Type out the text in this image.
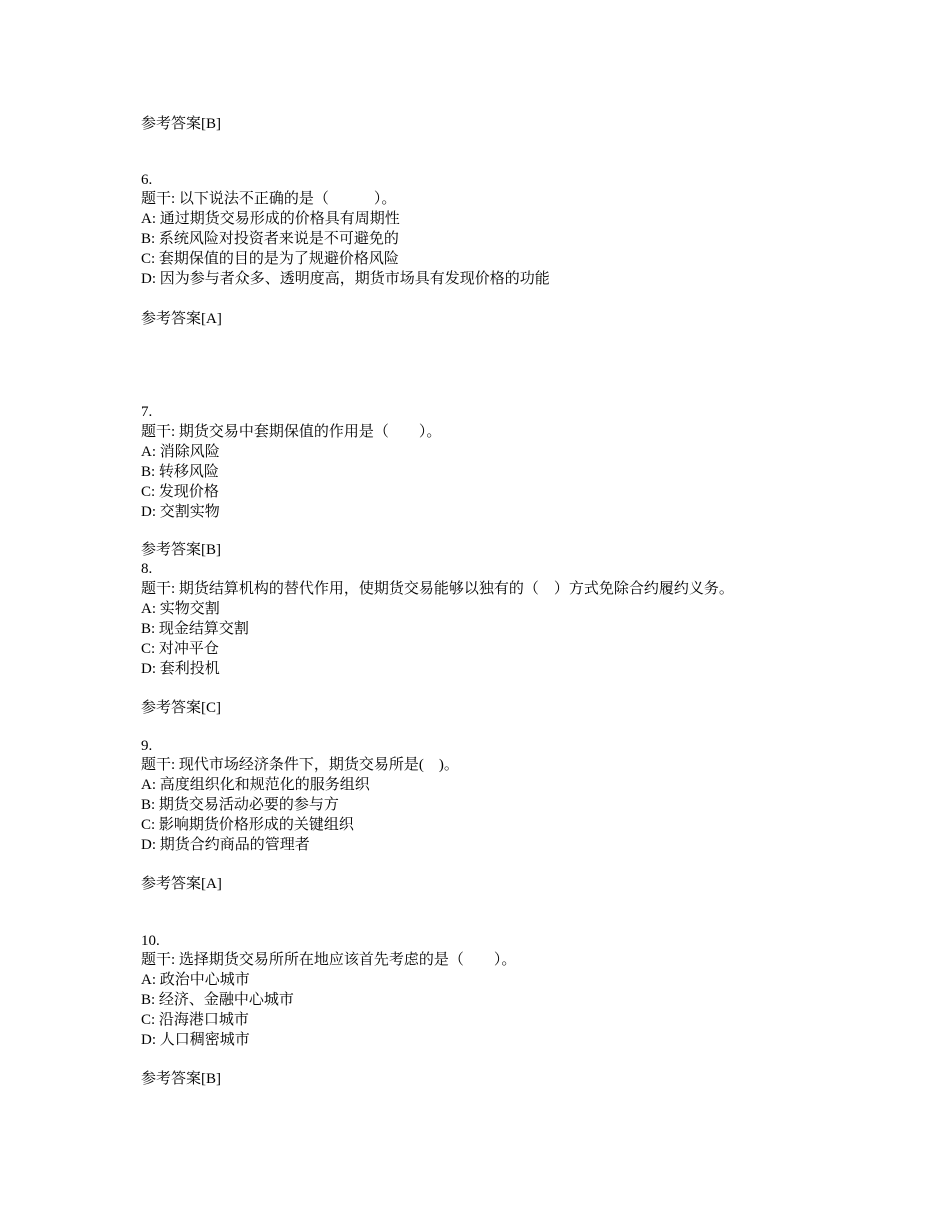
参考答案[B]

6.

题干: 以下说法不正确的是（　　　）。

A: 通过期货交易形成的价格具有周期性

B: 系统风险对投资者来说是不可避免的

C: 套期保值的目的是为了规避价格风险

D: 因为参与者众多、透明度高，期货市场具有发现价格的功能

参考答案[A]

7.

题干: 期货交易中套期保值的作用是（　　）。

A: 消除风险

B: 转移风险

C: 发现价格

D: 交割实物

参考答案[B]

8.

题干: 期货结算机构的替代作用，使期货交易能够以独有的（　）方式免除合约履约义务。

A: 实物交割

B: 现金结算交割

C: 对冲平仓

D: 套利投机

参考答案[C]

9.

题干: 现代市场经济条件下，期货交易所是(　)。

A: 高度组织化和规范化的服务组织

B: 期货交易活动必要的参与方

C: 影响期货价格形成的关键组织

D: 期货合约商品的管理者

参考答案[A]

10.

题干: 选择期货交易所所在地应该首先考虑的是（　　）。

A: 政治中心城市

B: 经济、金融中心城市

C: 沿海港口城市

D: 人口稠密城市

参考答案[B]
